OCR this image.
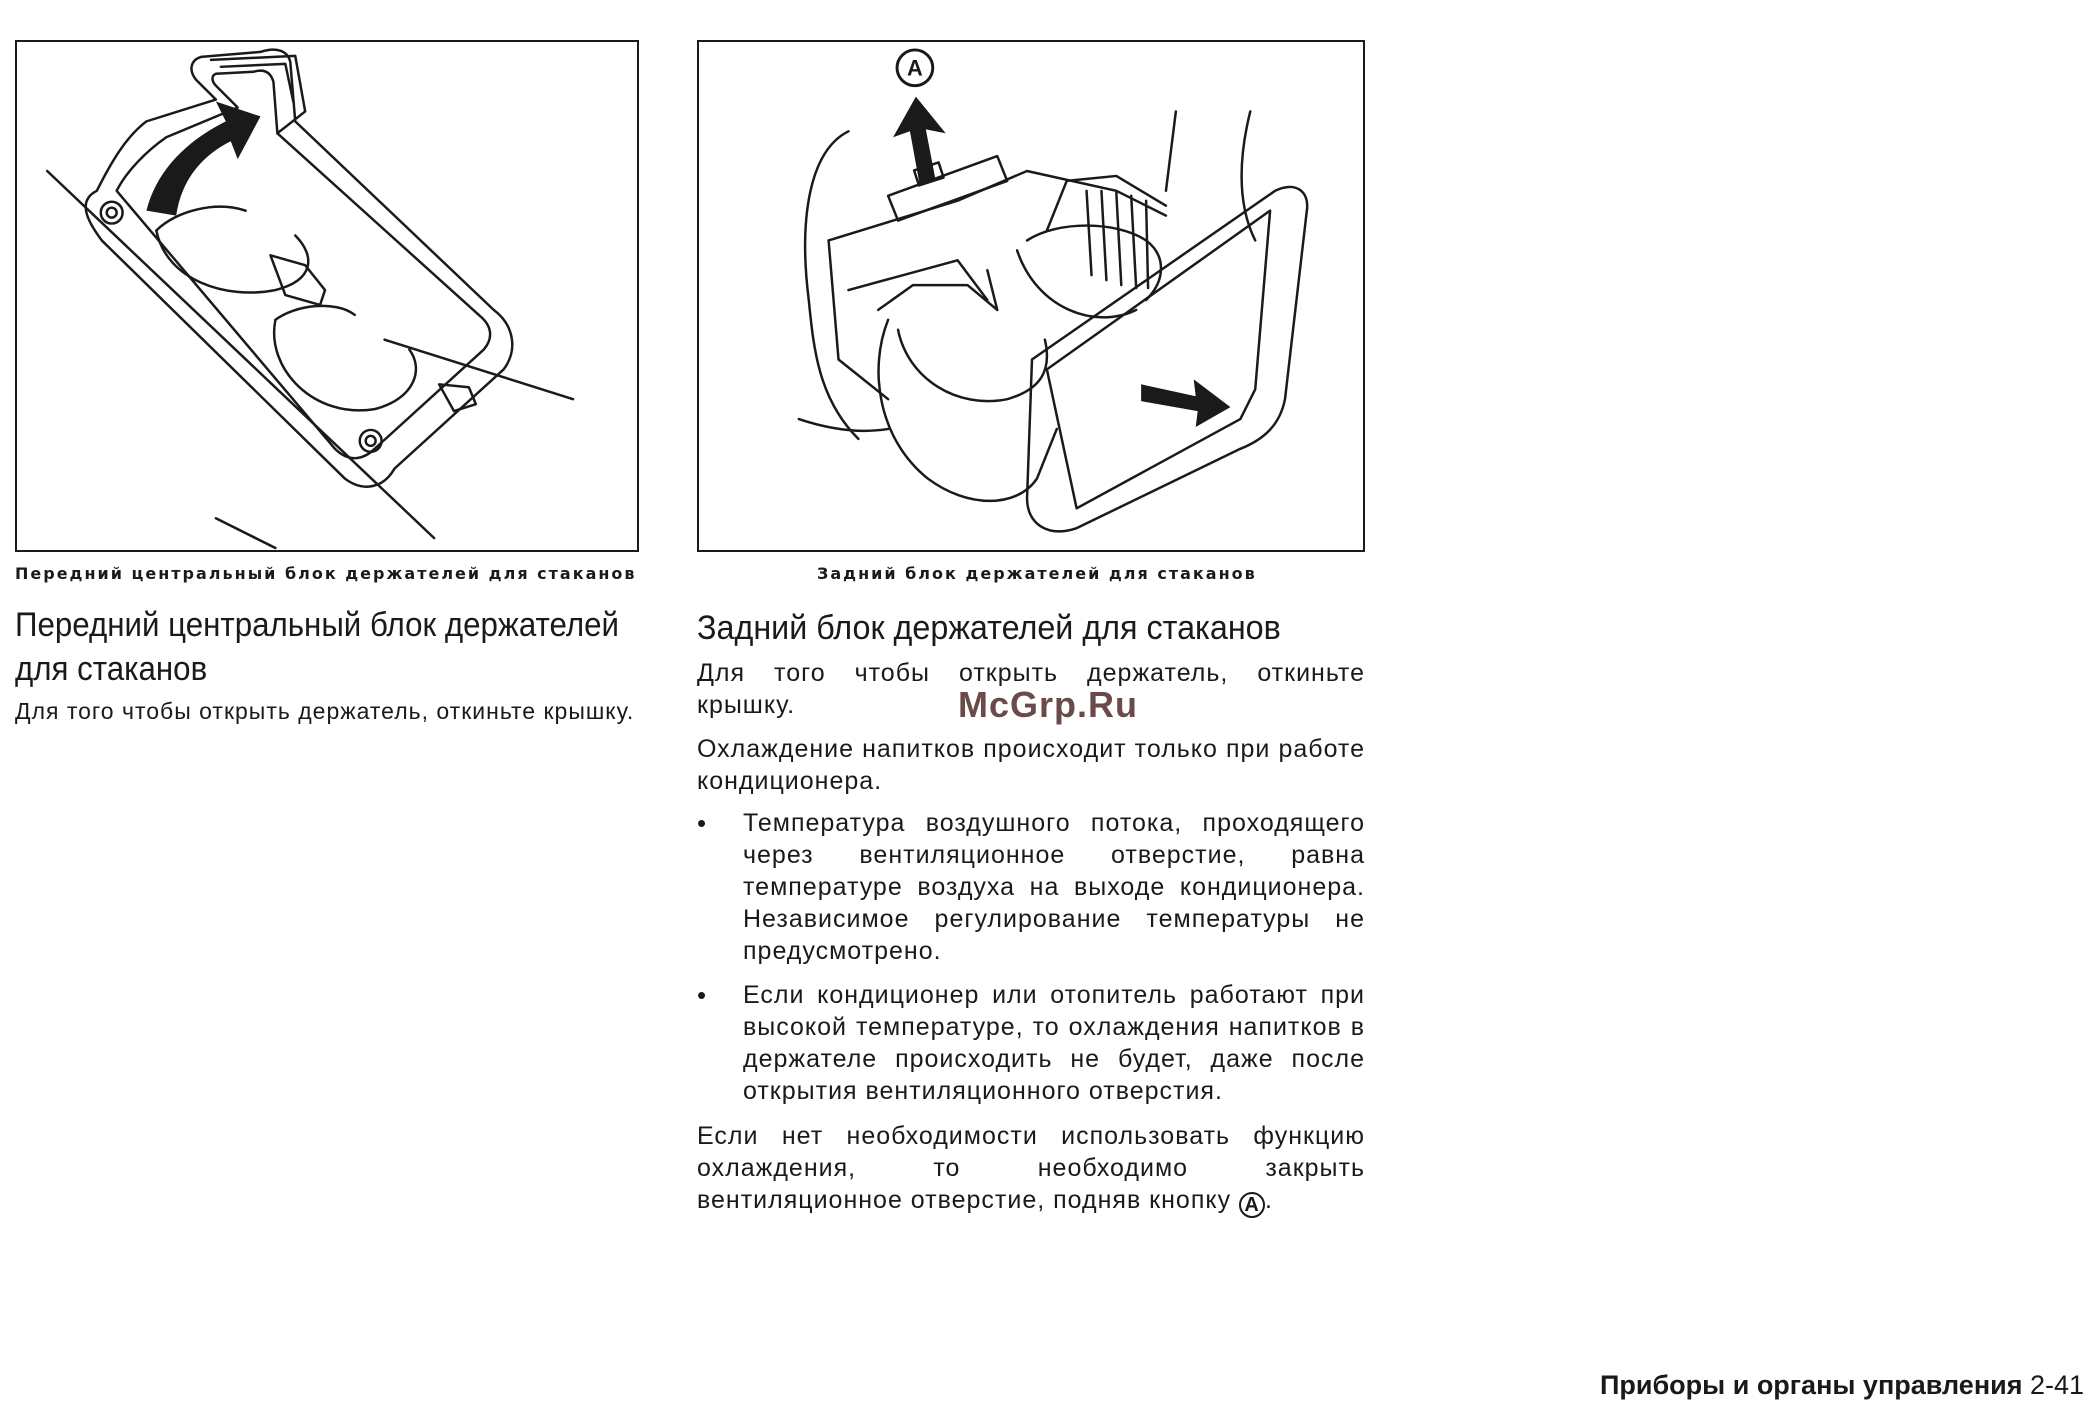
Передний центральный блок держателей для стаканов
A
Задний блок держателей для стаканов
Передний центральный блок держателей
для стаканов
Для того чтобы открыть держатель, откиньте крышку.
Задний блок держателей для стаканов
Для того чтобы открыть держатель, откиньте крышку.
Охлаждение напитков происходит только при работе кондиционера.
• Температура воздушного потока, проходящего через вентиляционное отверстие, равна температуре воздуха на выходе кондиционера. Независимое регулирование температуры не предусмотрено.
• Если кондиционер или отопитель работают при высокой температуре, то охлаждения напитков в держателе происходить не будет, даже после открытия вентиляционного отверстия.
Если нет необходимости использовать функцию охлаждения, то необходимо закрыть вентиляционное отверстие, подняв кнопку A .
McGrp.Ru
Приборы и органы управления 2-41
